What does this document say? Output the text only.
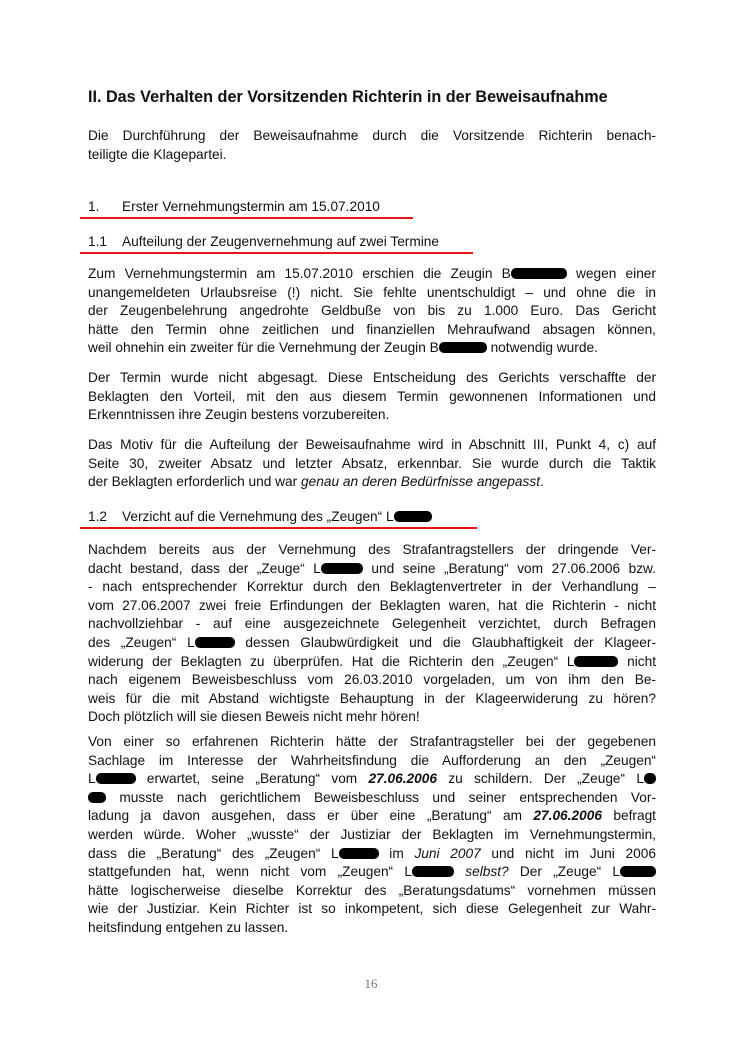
II. Das Verhalten der Vorsitzenden Richterin in der Beweisaufnahme
Die Durchführung der Beweisaufnahme durch die Vorsitzende Richterin benach-
teiligte die Klagepartei.
1. Erster Vernehmungstermin am 15.07.2010
1.1 Aufteilung der Zeugenvernehmung auf zwei Termine
Zum Vernehmungstermin am 15.07.2010 erschien die Zeugin B	wegen einer
unangemeldeten Urlaubsreise (!) nicht. Sie fehlte unentschuldigt – und ohne die in
der Zeugenbelehrung angedrohte Geldbuße von bis zu 1.000 Euro. Das Gericht
hätte den Termin ohne zeitlichen und finanziellen Mehraufwand absagen können,
weil ohnehin ein zweiter für die Vernehmung der Zeugin B	notwendig wurde.
Der Termin wurde nicht abgesagt. Diese Entscheidung des Gerichts verschaffte der
Beklagten den Vorteil, mit den aus diesem Termin gewonnenen Informationen und
Erkenntnissen ihre Zeugin bestens vorzubereiten.
Das Motiv für die Aufteilung der Beweisaufnahme wird in Abschnitt III, Punkt 4, c) auf
Seite 30, zweiter Absatz und letzter Absatz, erkennbar. Sie wurde durch die Taktik
der Beklagten erforderlich und war genau an deren Bedürfnisse angepasst.
1.2 Verzicht auf die Vernehmung des „Zeugen“ L
Nachdem bereits aus der Vernehmung des Strafantragstellers der dringende Ver-
dacht bestand, dass der „Zeuge“ L	und seine „Beratung“ vom 27.06.2006 bzw.
- nach entsprechender Korrektur durch den Beklagtenvertreter in der Verhandlung –
vom 27.06.2007 zwei freie Erfindungen der Beklagten waren, hat die Richterin - nicht
nachvollziehbar - auf eine ausgezeichnete Gelegenheit verzichtet, durch Befragen
des „Zeugen“ L	dessen Glaubwürdigkeit und die Glaubhaftigkeit der Klageer-
widerung der Beklagten zu überprüfen. Hat die Richterin den „Zeugen“ L	nicht
nach eigenem Beweisbeschluss vom 26.03.2010 vorgeladen, um von ihm den Be-
weis für die mit Abstand wichtigste Behauptung in der Klageerwiderung zu hören?
Doch plötzlich will sie diesen Beweis nicht mehr hören!
Von einer so erfahrenen Richterin hätte der Strafantragsteller bei der gegebenen
Sachlage im Interesse der Wahrheitsfindung die Aufforderung an den „Zeugen“
L	erwartet, seine „Beratung“ vom 27.06.2006 zu schildern. Der „Zeuge“ L
musste nach gerichtlichem Beweisbeschluss und seiner entsprechenden Vor-
ladung ja davon ausgehen, dass er über eine „Beratung“ am 27.06.2006 befragt
werden würde. Woher „wusste“ der Justiziar der Beklagten im Vernehmungstermin,
dass die „Beratung“ des „Zeugen“ L	im Juni 2007 und nicht im Juni 2006
stattgefunden hat, wenn nicht vom „Zeugen“ L	selbst? Der „Zeuge“ L
hätte logischerweise dieselbe Korrektur des „Beratungsdatums“ vornehmen müssen
wie der Justiziar. Kein Richter ist so inkompetent, sich diese Gelegenheit zur Wahr-
heitsfindung entgehen zu lassen.
16
